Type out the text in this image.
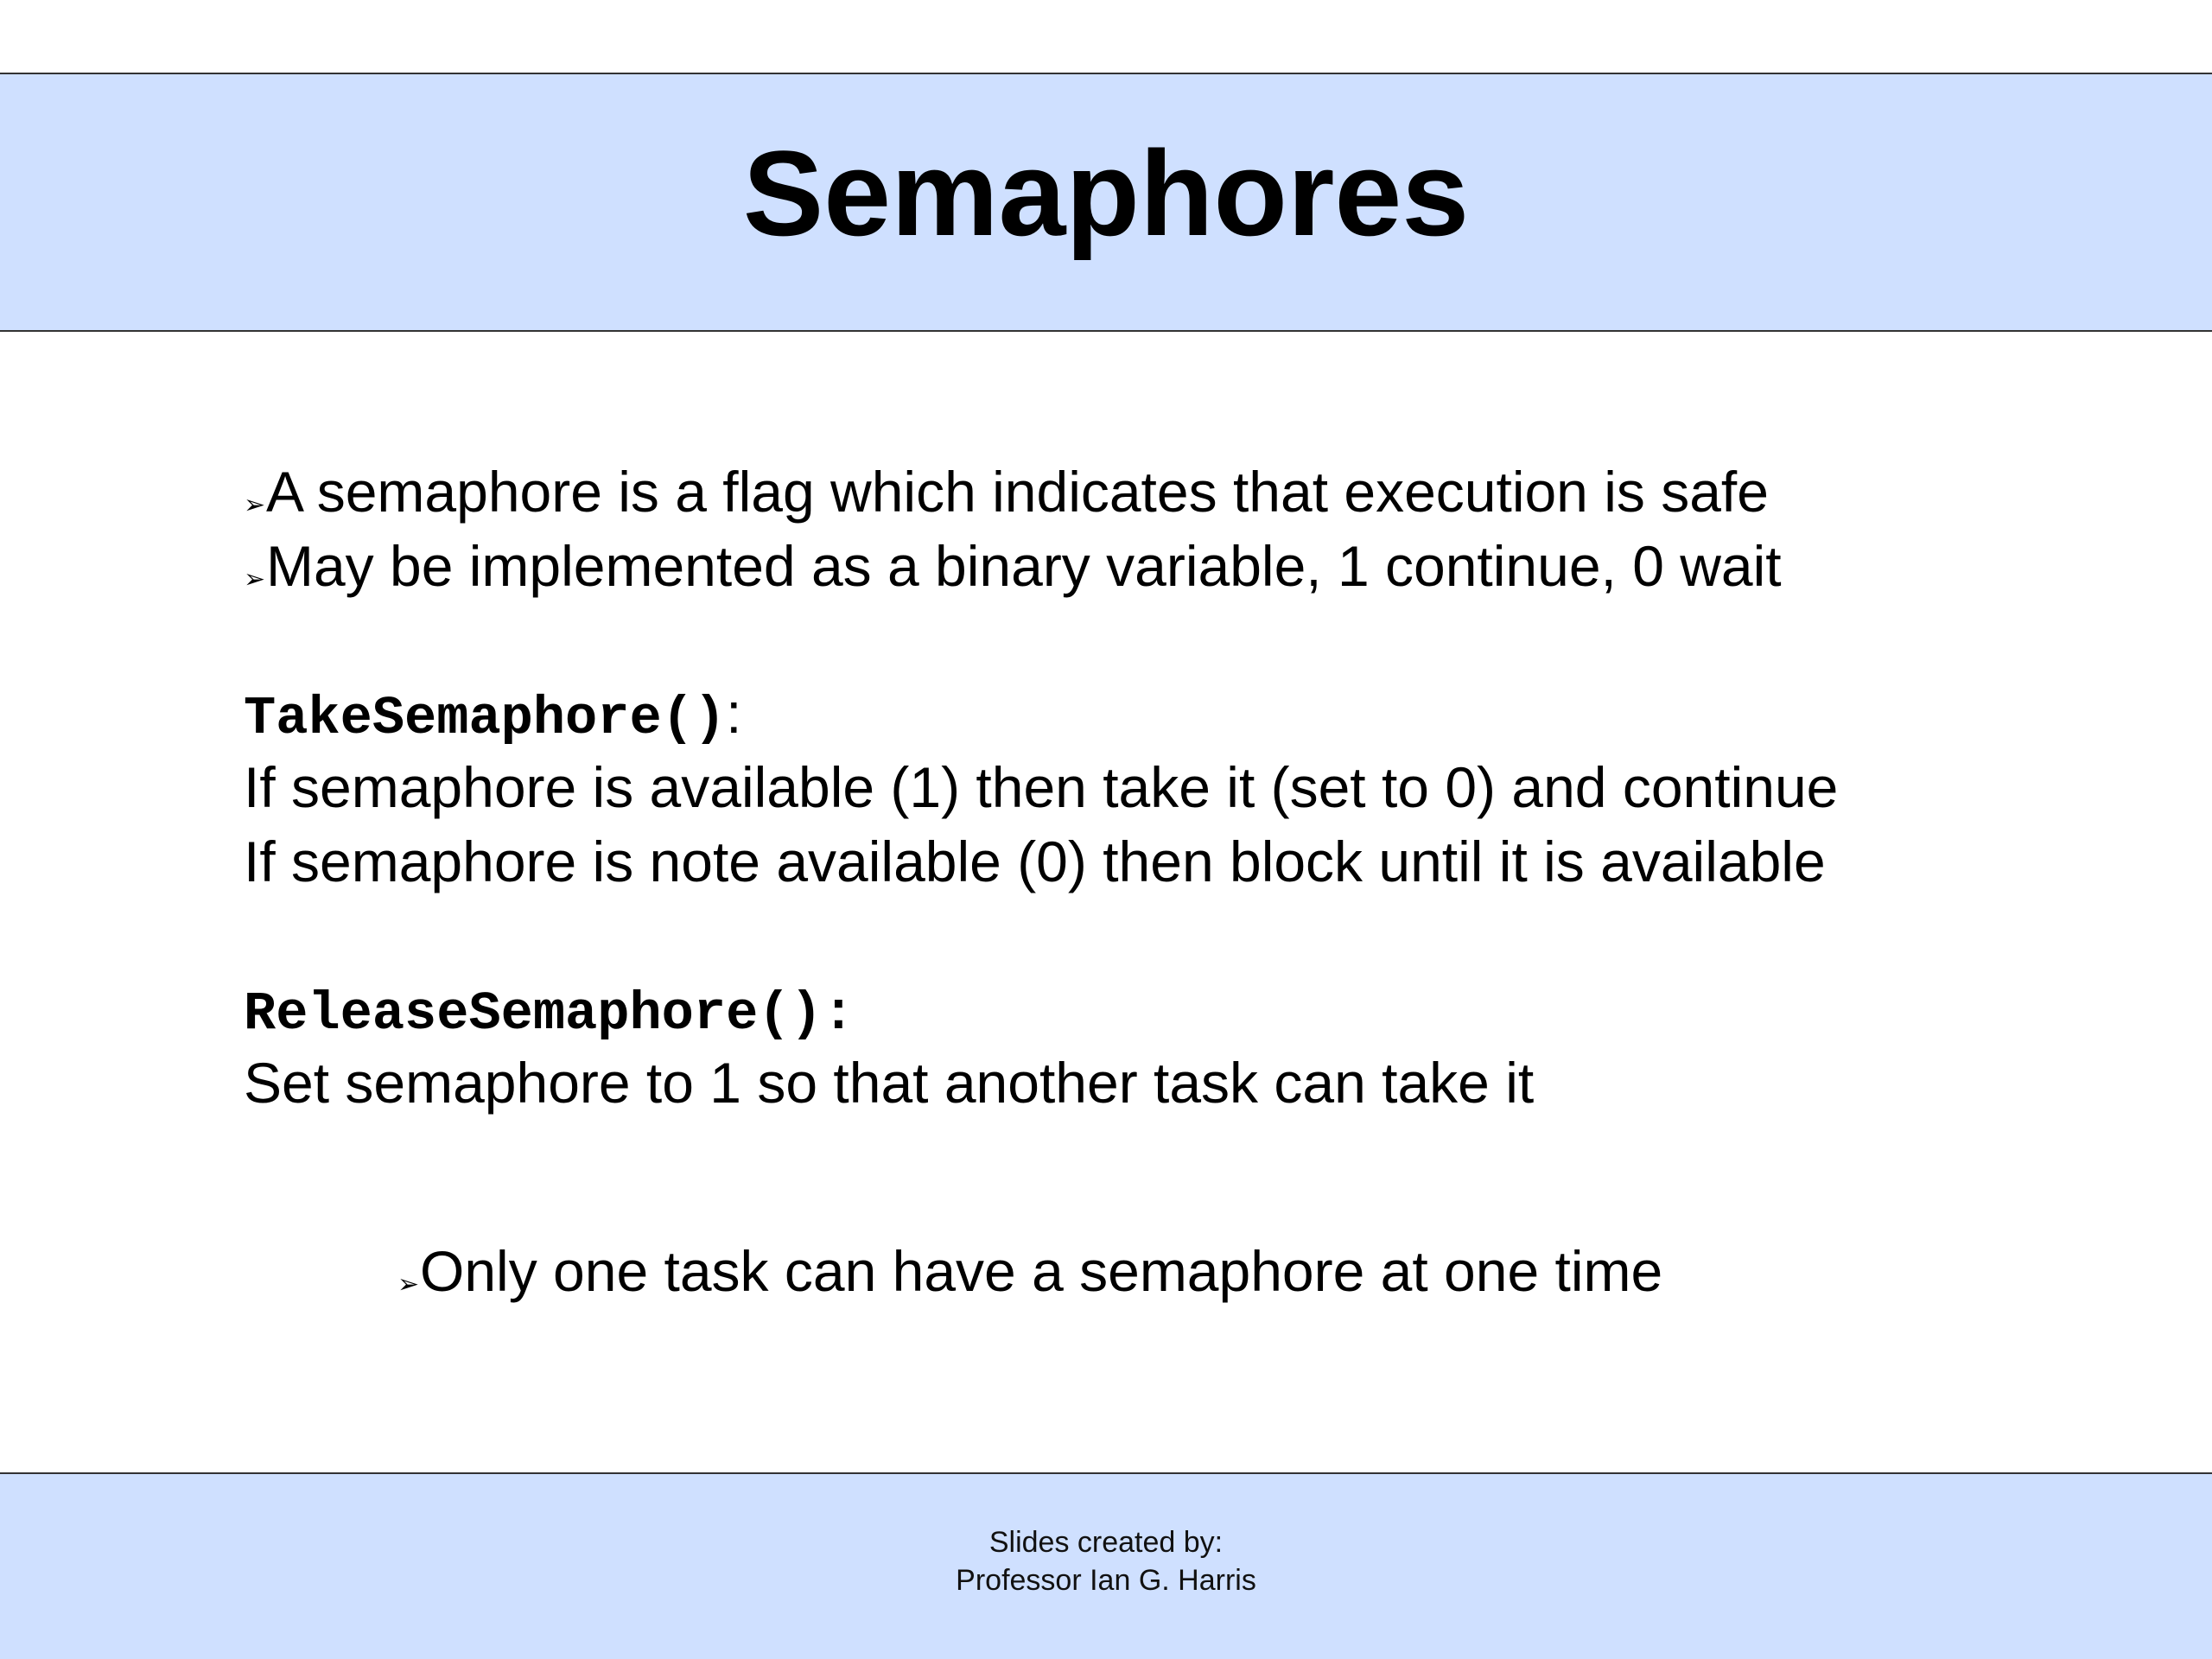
Semaphores
➢A semaphore is a flag which indicates that execution is safe
➢May be implemented as a binary variable, 1 continue, 0 wait
TakeSemaphore():
If semaphore is available (1) then take it (set to 0) and continue
If semaphore is note available (0) then block until it is available
ReleaseSemaphore():
Set semaphore to 1 so that another task can take it
➢Only one task can have a semaphore at one time
Slides created by:
Professor Ian G. Harris
